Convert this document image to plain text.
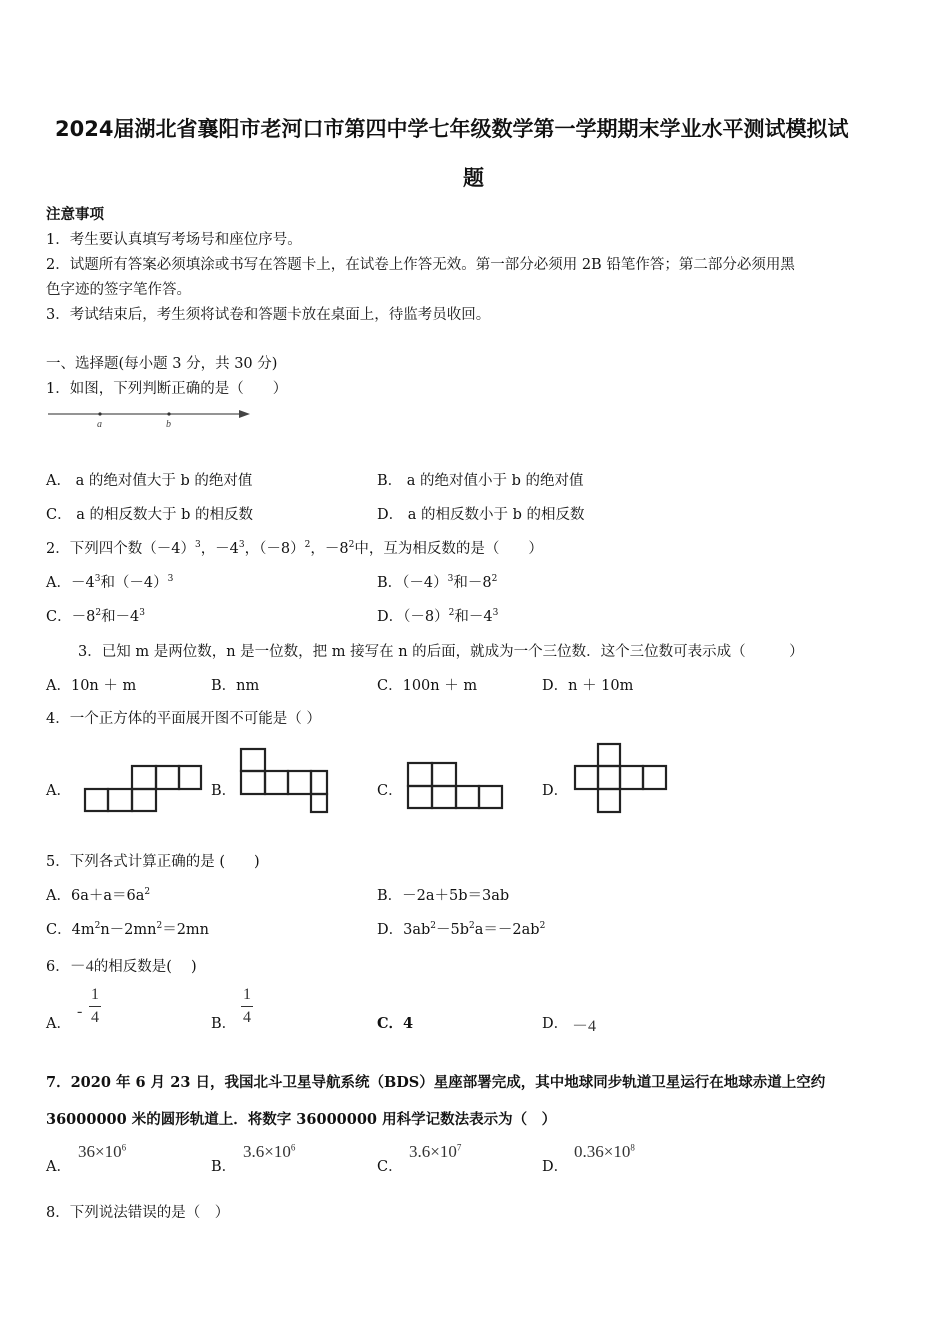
2024届湖北省襄阳市老河口市第四中学七年级数学第一学期期末学业水平测试模拟试
题
注意事项
1．考生要认真填写考场号和座位序号。
2．试题所有答案必须填涂或书写在答题卡上，在试卷上作答无效。第一部分必须用 2B 铅笔作答；第二部分必须用黑
色字迹的签字笔作答。
3．考试结束后，考生须将试卷和答题卡放在桌面上，待监考员收回。
一、选择题(每小题 3 分，共 30 分)
1．如图，下列判断正确的是（　　）
a	b
A． a 的绝对值大于 b 的绝对值	B． a 的绝对值小于 b 的绝对值
C． a 的相反数大于 b 的相反数	D． a 的相反数小于 b 的相反数
2．下列四个数$(-4)^3$，$-4^3$，$(-8)^2$，$-8^2$中，互为相反数的是（　　）
A．$-4^3$和$(-4)^3$	B．$(-4)^3$和$-8^2$
C．$-8^2$和$-4^3$	D．$(-8)^2$和$-4^3$
3．已知 m 是两位数，n 是一位数，把 m 接写在 n 的后面，就成为一个三位数．这个三位数可表示成（　　　）
A．10n ＋ m	B．nm	C．100n ＋ m	D．n ＋ 10m
4．一个正方体的平面展开图不可能是（ ）
A．	B．	C．	D．
5．下列各式计算正确的是 (　　)
A．$6a+a=6a^2$	B．－2a＋5b＝3ab
C．$4m^2n-2mn^2=2mn$	D．$3ab^2-5b^2a=-2ab^2$
6．－4的相反数是(　 )
A．
-
1
4	B．
1
4	C．4	D． －4
7．2020 年 6 月 23 日，我国北斗卫星导航系统（BDS）星座部署完成，其中地球同步轨道卫星运行在地球赤道上空约
36000000 米的圆形轨道上．将数字 36000000 用科学记数法表示为（　）
A．
$36\times 10^6$
B．
$3.6\times 10^6$
C．
$3.6\times 10^7$
D．
$0.36\times 10^8$
8．下列说法错误的是（　）
